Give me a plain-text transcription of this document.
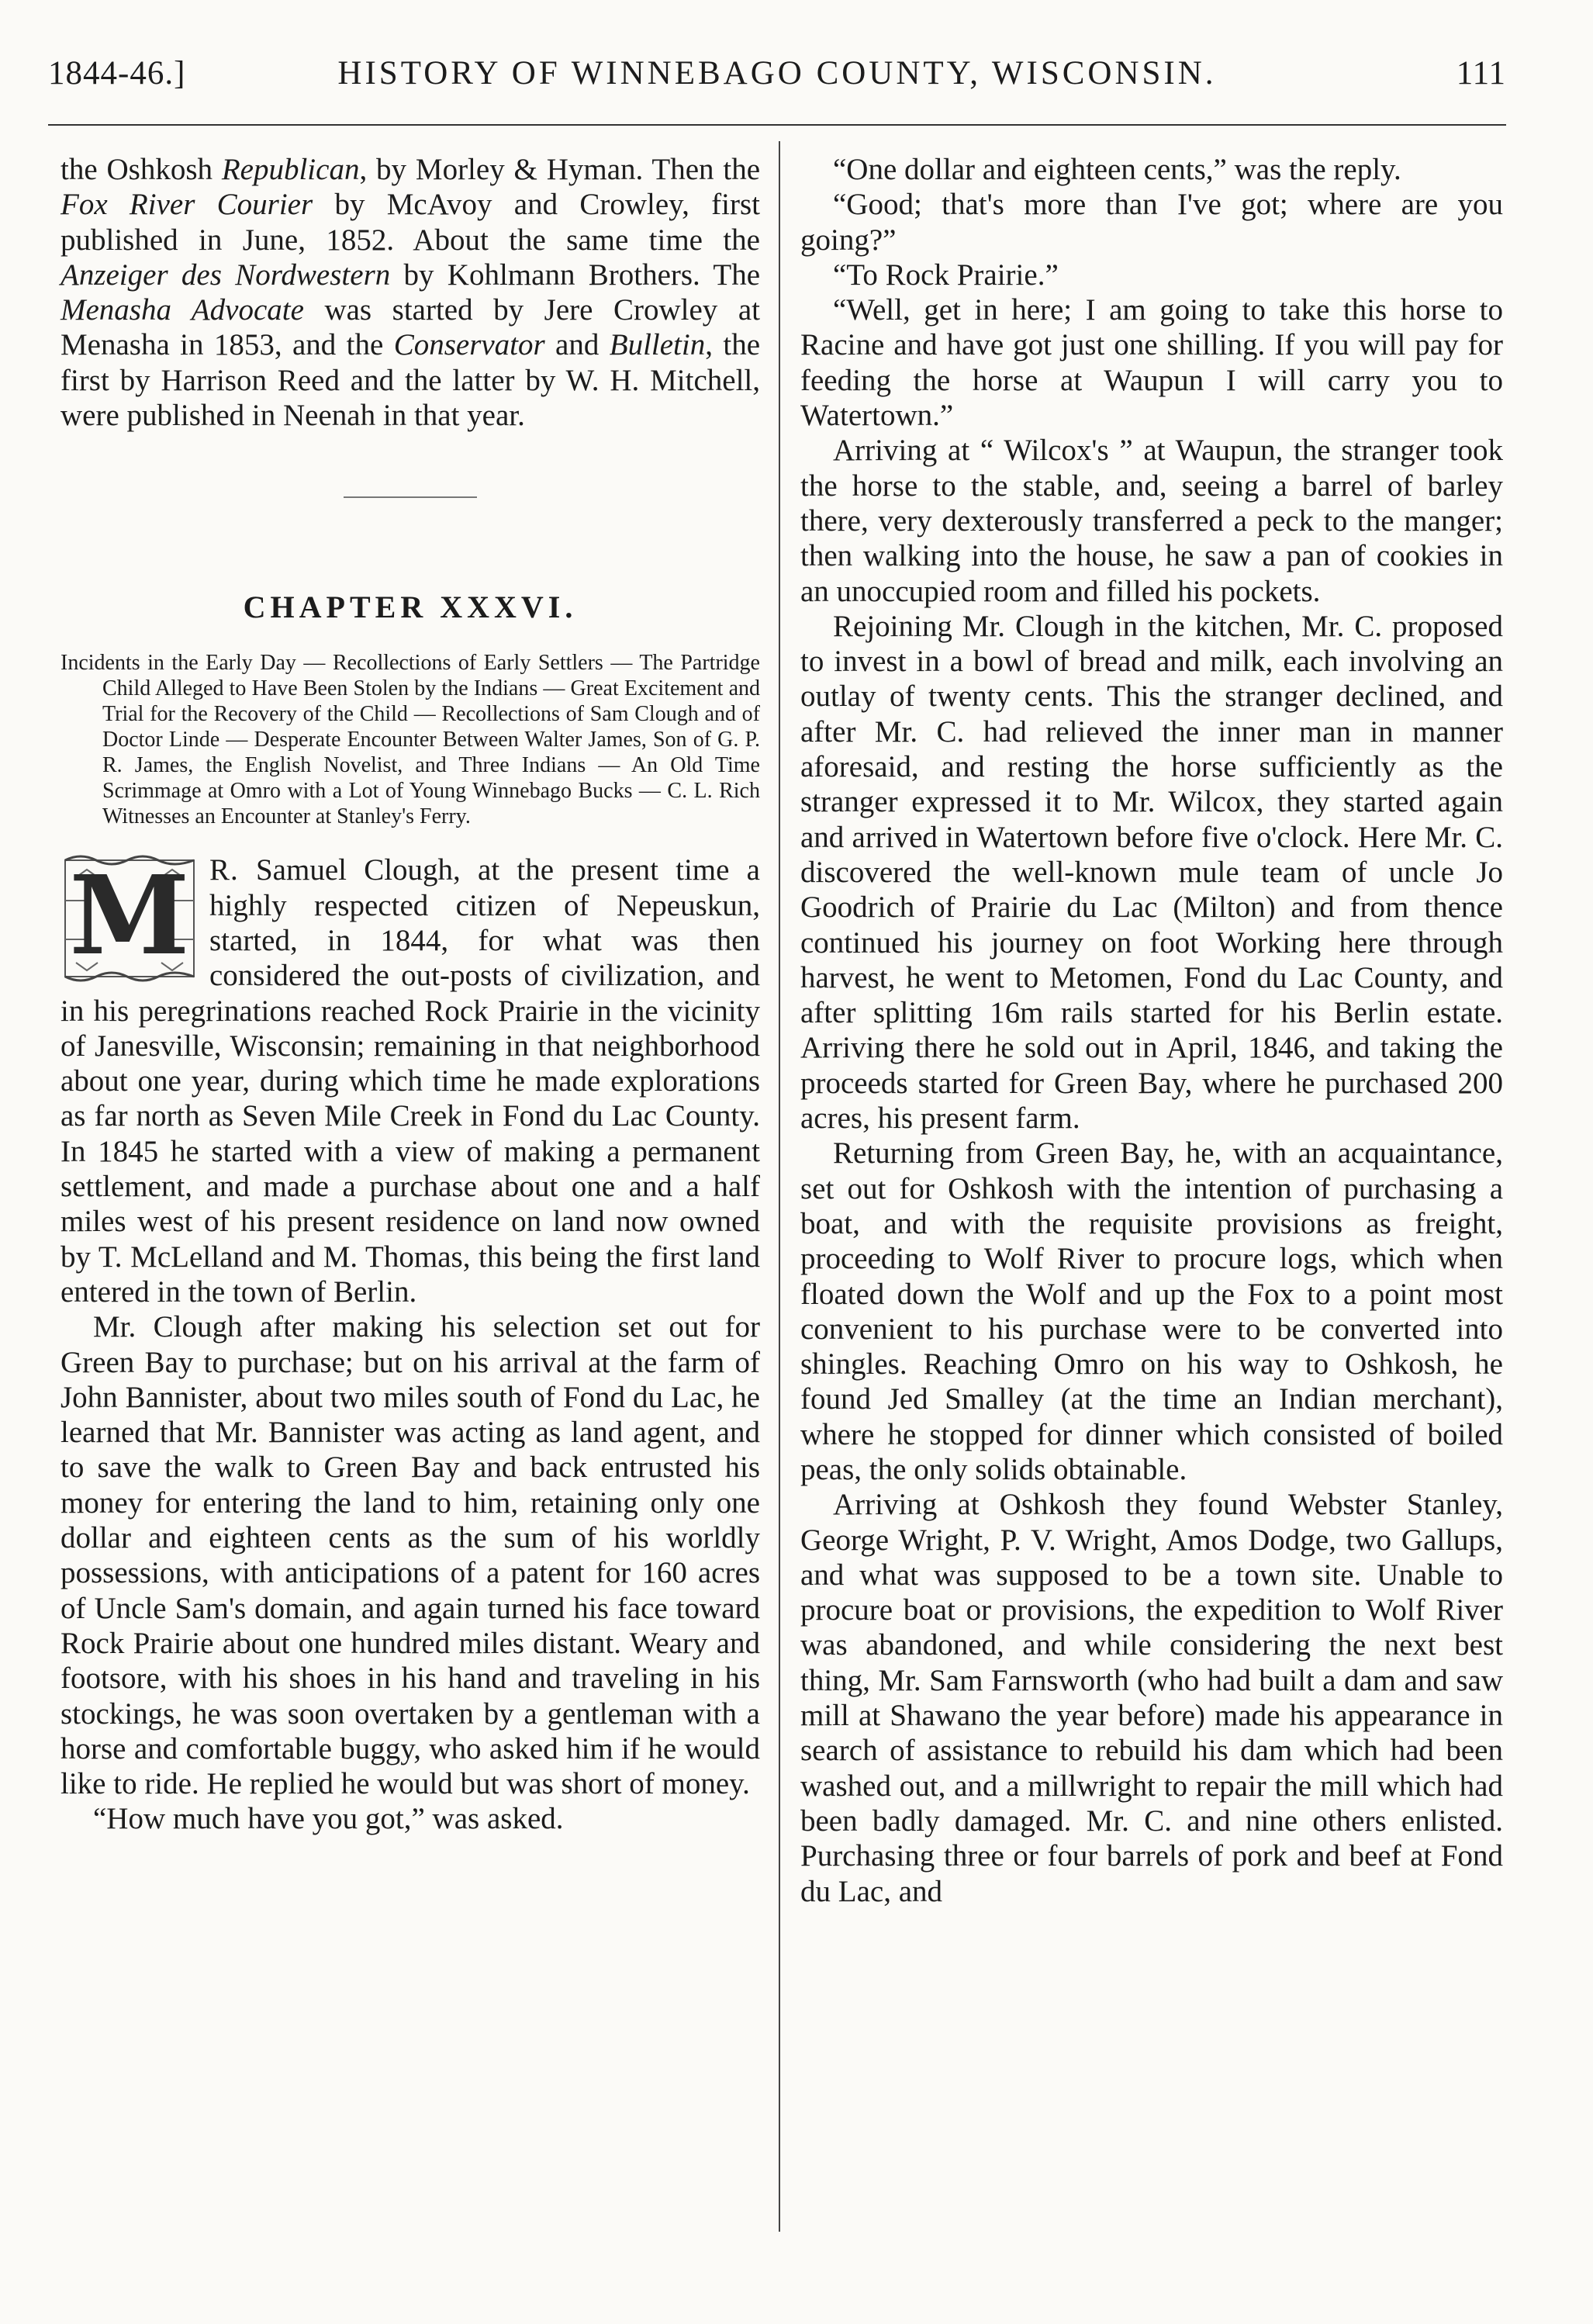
1844-46.]	HISTORY OF WINNEBAGO COUNTY, WISCONSIN.	111

the Oshkosh Republican, by Morley & Hyman. Then the Fox River Courier by McAvoy and Crowley, first published in June, 1852. About the same time the Anzeiger des Nordwestern by Kohlmann Brothers. The Menasha Advocate was started by Jere Crowley at Menasha in 1853, and the Conservator and Bulletin, the first by Harrison Reed and the latter by W. H. Mitchell, were published in Neenah in that year.

CHAPTER XXXVI.

Incidents in the Early Day — Recollections of Early Settlers — The Partridge Child Alleged to Have Been Stolen by the Indians — Great Excitement and Trial for the Recovery of the Child — Recollections of Sam Clough and of Doctor Linde — Desperate Encounter Between Walter James, Son of G. P. R. James, the English Novelist, and Three Indians — An Old Time Scrimmage at Omro with a Lot of Young Winnebago Bucks — C. L. Rich Witnesses an Encounter at Stanley's Ferry.

M R. Samuel Clough, at the present time a highly respected citizen of Nepeuskun, started, in 1844, for what was then considered the out-posts of civilization, and in his peregrinations reached Rock Prairie in the vicinity of Janesville, Wisconsin; remaining in that neighborhood about one year, during which time he made explorations as far north as Seven Mile Creek in Fond du Lac County. In 1845 he started with a view of making a permanent settlement, and made a purchase about one and a half miles west of his present residence on land now owned by T. McLelland and M. Thomas, this being the first land entered in the town of Berlin.

Mr. Clough after making his selection set out for Green Bay to purchase; but on his arrival at the farm of John Bannister, about two miles south of Fond du Lac, he learned that Mr. Bannister was acting as land agent, and to save the walk to Green Bay and back entrusted his money for entering the land to him, retaining only one dollar and eighteen cents as the sum of his worldly possessions, with anticipations of a patent for 160 acres of Uncle Sam's domain, and again turned his face toward Rock Prairie about one hundred miles distant. Weary and footsore, with his shoes in his hand and traveling in his stockings, he was soon overtaken by a gentleman with a horse and comfortable buggy, who asked him if he would like to ride. He replied he would but was short of money.

“How much have you got,” was asked.

“One dollar and eighteen cents,” was the reply.

“Good; that's more than I've got; where are you going?”

“To Rock Prairie.”

“Well, get in here; I am going to take this horse to Racine and have got just one shilling. If you will pay for feeding the horse at Waupun I will carry you to Watertown.”

Arriving at “ Wilcox's ” at Waupun, the stranger took the horse to the stable, and, seeing a barrel of barley there, very dexterously transferred a peck to the manger; then walking into the house, he saw a pan of cookies in an unoccupied room and filled his pockets.

Rejoining Mr. Clough in the kitchen, Mr. C. proposed to invest in a bowl of bread and milk, each involving an outlay of twenty cents. This the stranger declined, and after Mr. C. had relieved the inner man in manner aforesaid, and resting the horse sufficiently as the stranger expressed it to Mr. Wilcox, they started again and arrived in Watertown before five o'clock. Here Mr. C. discovered the well-known mule team of uncle Jo Goodrich of Prairie du Lac (Milton) and from thence continued his journey on foot Working here through harvest, he went to Metomen, Fond du Lac County, and after splitting 16m rails started for his Berlin estate. Arriving there he sold out in April, 1846, and taking the proceeds started for Green Bay, where he purchased 200 acres, his present farm.

Returning from Green Bay, he, with an acquaintance, set out for Oshkosh with the intention of purchasing a boat, and with the requisite provisions as freight, proceeding to Wolf River to procure logs, which when floated down the Wolf and up the Fox to a point most convenient to his purchase were to be converted into shingles. Reaching Omro on his way to Oshkosh, he found Jed Smalley (at the time an Indian merchant), where he stopped for dinner which consisted of boiled peas, the only solids obtainable.

Arriving at Oshkosh they found Webster Stanley, George Wright, P. V. Wright, Amos Dodge, two Gallups, and what was supposed to be a town site. Unable to procure boat or provisions, the expedition to Wolf River was abandoned, and while considering the next best thing, Mr. Sam Farnsworth (who had built a dam and saw mill at Shawano the year before) made his appearance in search of assistance to rebuild his dam which had been washed out, and a millwright to repair the mill which had been badly damaged. Mr. C. and nine others enlisted. Purchasing three or four barrels of pork and beef at Fond du Lac, and
